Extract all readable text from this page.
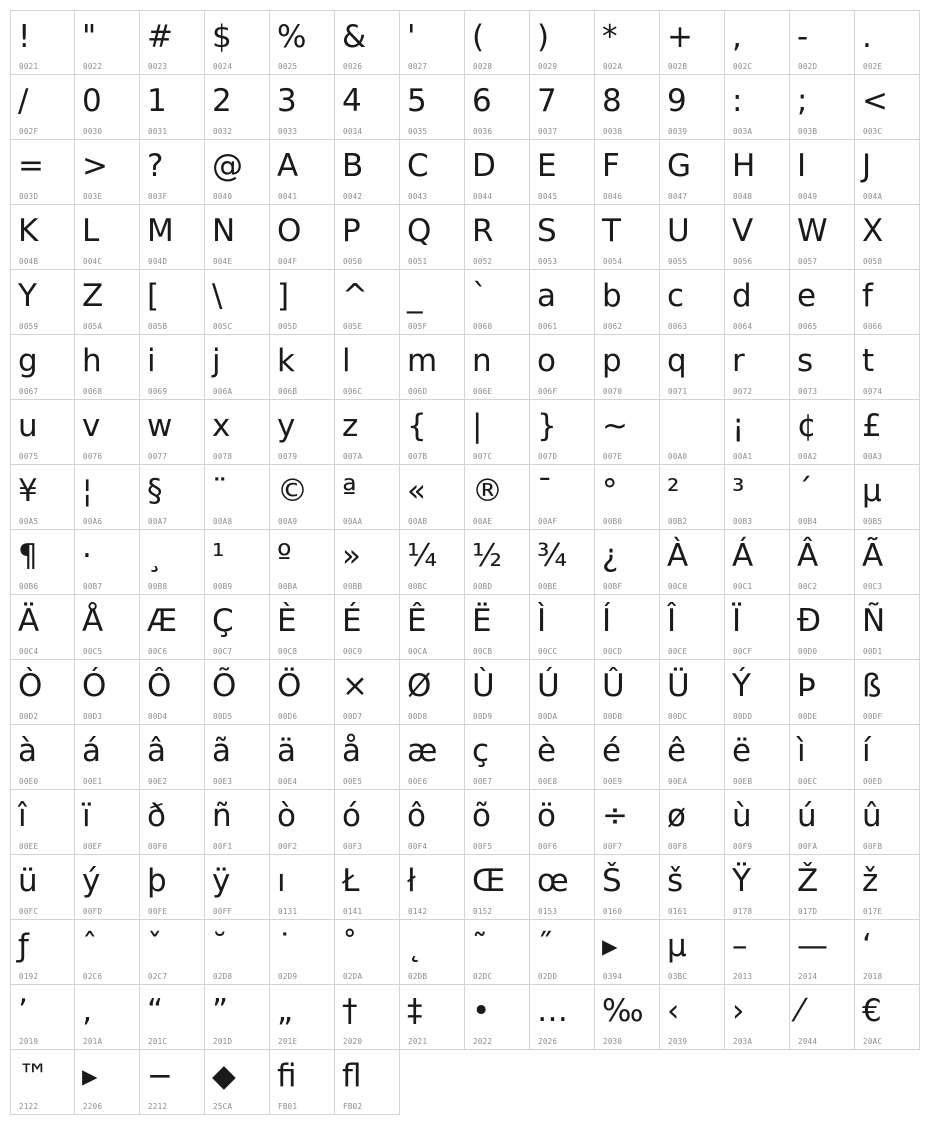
!
0021
"
0022
#
0023
$
0024
%
0025
&
0026
'
0027
(
0028
)
0029
*
002A
+
002B
,
002C
-
002D
.
002E
/
002F
0
0030
1
0031
2
0032
3
0033
4
0034
5
0035
6
0036
7
0037
8
0038
9
0039
:
003A
;
003B
<
003C
=
003D
>
003E
?
003F
@
0040
A
0041
B
0042
C
0043
D
0044
E
0045
F
0046
G
0047
H
0048
I
0049
J
004A
K
004B
L
004C
M
004D
N
004E
O
004F
P
0050
Q
0051
R
0052
S
0053
T
0054
U
0055
V
0056
W
0057
X
0058
Y
0059
Z
005A
[
005B
\
005C
]
005D
^
005E
_
005F
`
0060
a
0061
b
0062
c
0063
d
0064
e
0065
f
0066
g
0067
h
0068
i
0069
j
006A
k
006B
l
006C
m
006D
n
006E
o
006F
p
0070
q
0071
r
0072
s
0073
t
0074
u
0075
v
0076
w
0077
x
0078
y
0079
z
007A
{
007B
|
007C
}
007D
~
007E	00A0
¡
00A1
¢
00A2
£
00A3
¥
00A5
¦
00A6
§
00A7
¨
00A8
©
00A9
ª
00AA
«
00AB
®
00AE
¯
00AF
°
00B0
²
00B2
³
00B3
´
00B4
µ
00B5
¶
00B6
·
00B7
¸
00B8
¹
00B9
º
00BA
»
00BB
¼
00BC
½
00BD
¾
00BE
¿
00BF
À
00C0
Á
00C1
Â
00C2
Ã
00C3
Ä
00C4
Å
00C5
Æ
00C6
Ç
00C7
È
00C8
É
00C9
Ê
00CA
Ë
00CB
Ì
00CC
Í
00CD
Î
00CE
Ï
00CF
Ð
00D0
Ñ
00D1
Ò
00D2
Ó
00D3
Ô
00D4
Õ
00D5
Ö
00D6
×
00D7
Ø
00D8
Ù
00D9
Ú
00DA
Û
00DB
Ü
00DC
Ý
00DD
Þ
00DE
ß
00DF
à
00E0
á
00E1
â
00E2
ã
00E3
ä
00E4
å
00E5
æ
00E6
ç
00E7
è
00E8
é
00E9
ê
00EA
ë
00EB
ì
00EC
í
00ED
î
00EE
ï
00EF
ð
00F0
ñ
00F1
ò
00F2
ó
00F3
ô
00F4
õ
00F5
ö
00F6
÷
00F7
ø
00F8
ù
00F9
ú
00FA
û
00FB
ü
00FC
ý
00FD
þ
00FE
ÿ
00FF
ı
0131
Ł
0141
ł
0142
Œ
0152
œ
0153
Š
0160
š
0161
Ÿ
0178
Ž
017D
ž
017E
ƒ
0192
ˆ
02C6
ˇ
02C7
˘
02D8
˙
02D9
˚
02DA
˛
02DB
˜
02DC
˝
02DD
▸
0394
μ
03BC
–
2013
—
2014
‘
2018
’
2019
‚
201A
“
201C
”
201D
„
201E
†
2020
‡
2021
•
2022
…
2026
‰
2030
‹
2039
›
203A
⁄
2044
€
20AC
™
2122
▸
2206
−
2212
◆
25CA
ﬁ
FB01
ﬂ
FB02
